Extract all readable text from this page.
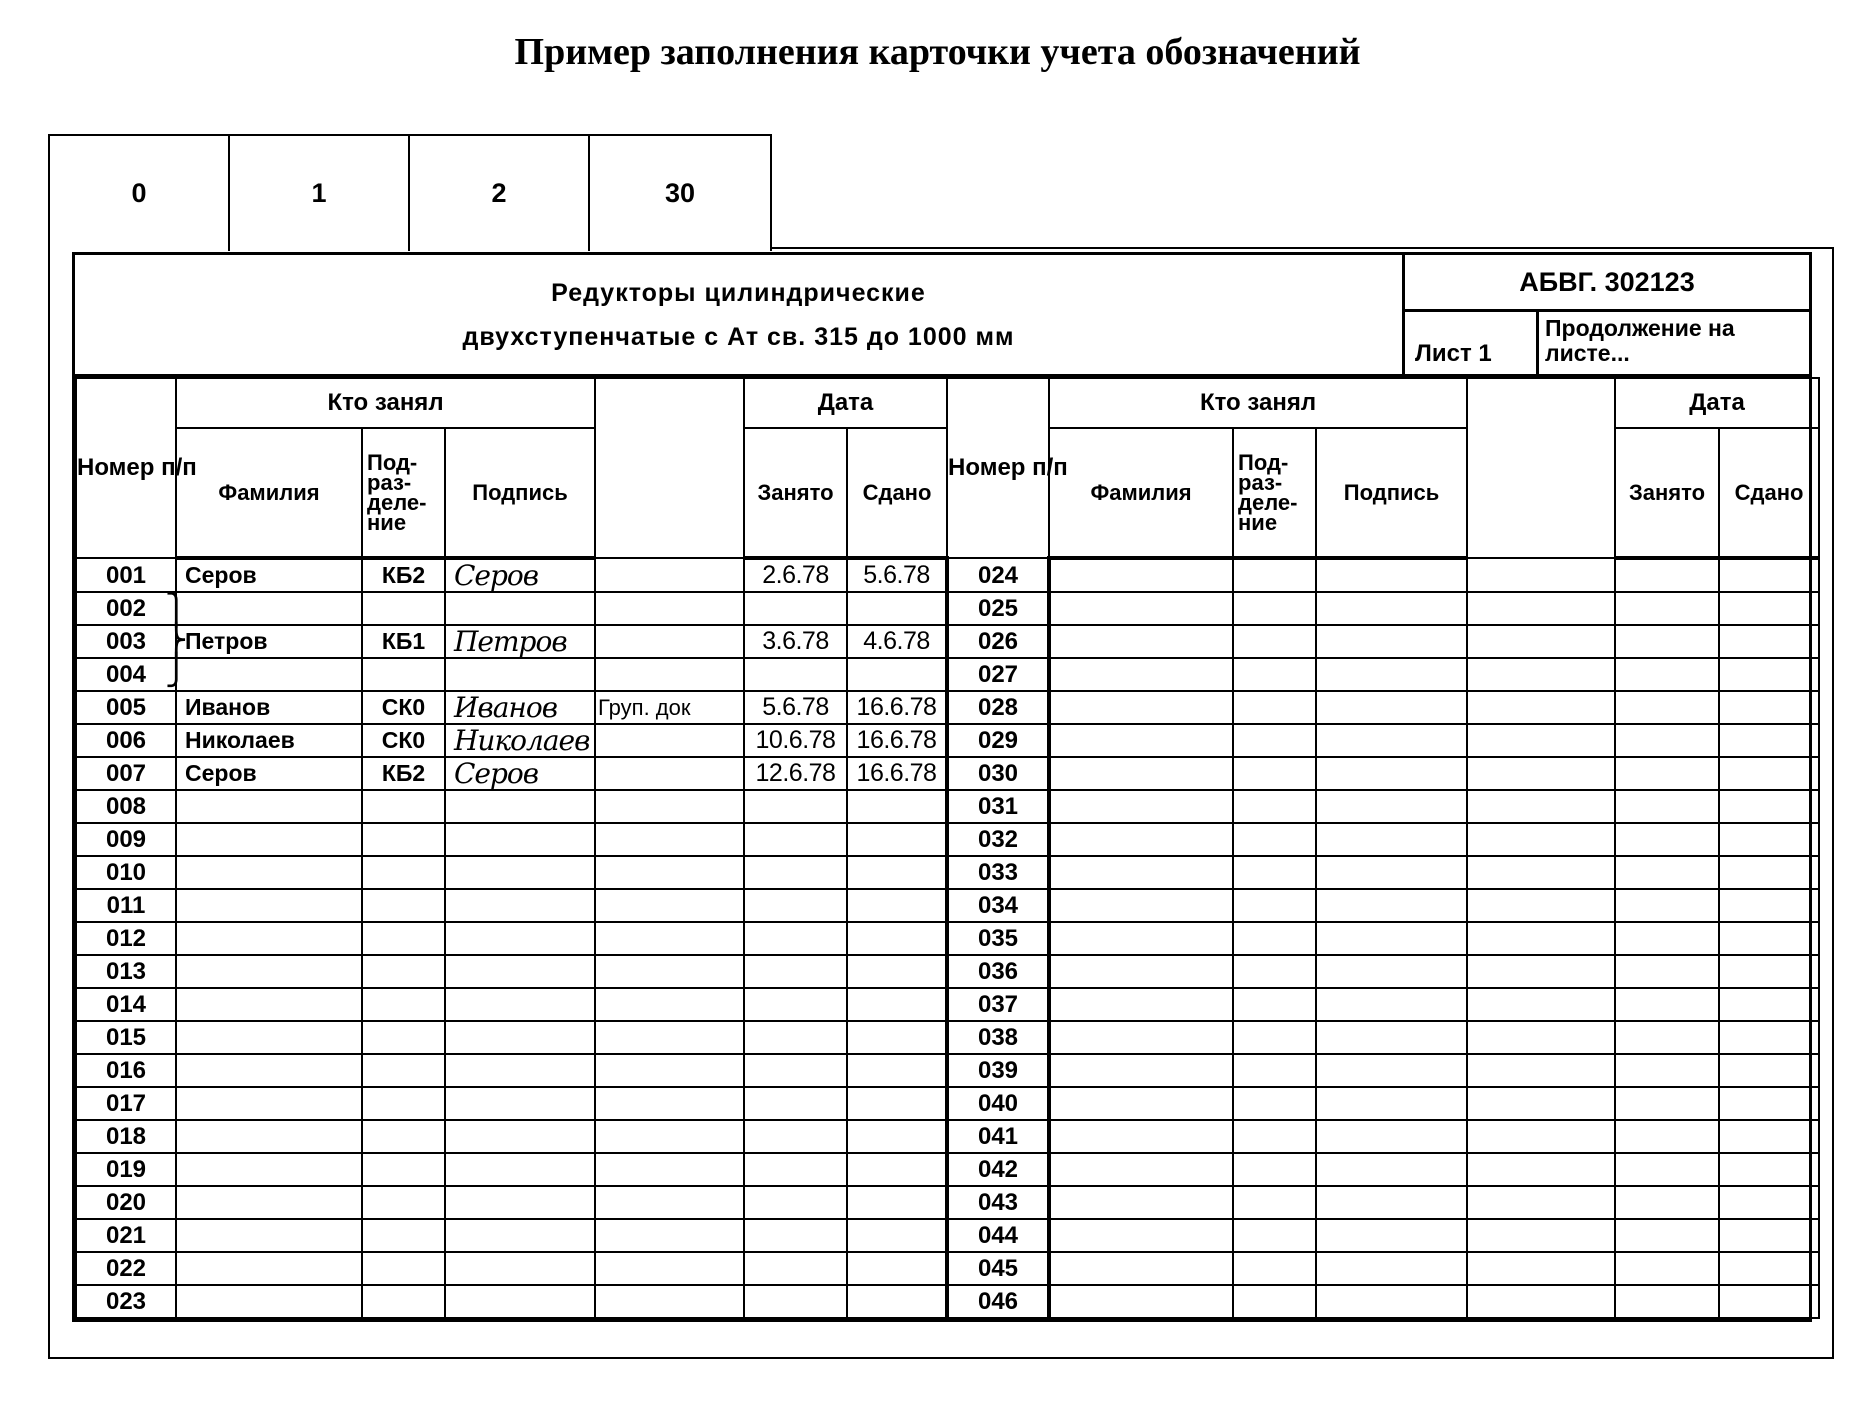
Пример заполнения карточки учета обозначений
0	1	2	30
Редукторы цилиндрические
двухступенчатые с Ат св. 315 до 1000 мм
АБВГ. 302123
Лист 1
Продолжение на листе...
Номер п/п	Кто занял				Дата		Номер п/п	Кто занял				Дата	
	Фамилия	Под-
раз-
деле-
ние	Подпись		Занято	Сдано		Фамилия	Под-
раз-
деле-
ние	Подпись		Занято	Сдано
001	Серов	КБ2	Серов		2.6.78	5.6.78	024						
002							025						
003	Петров	КБ1	Петров		3.6.78	4.6.78	026						
004							027						
005	Иванов	СК0	Иванов	Груп. док	5.6.78	16.6.78	028						
006	Николаев	СК0	Николаев		10.6.78	16.6.78	029						
007	Серов	КБ2	Серов		12.6.78	16.6.78	030						
008							031						
009							032						
010							033						
011							034						
012							035						
013							036						
014							037						
015							038						
016							039						
017							040						
018							041						
019							042						
020							043						
021							044						
022							045						
023							046						
⎫
⎬
⎭
